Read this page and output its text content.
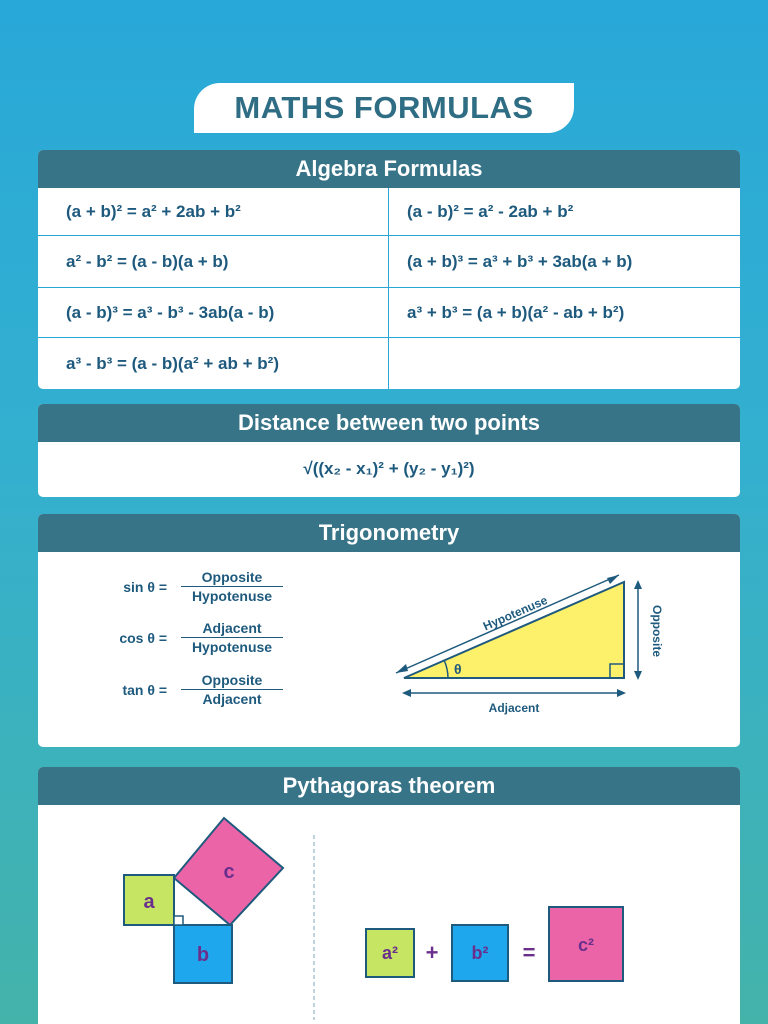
MATHS FORMULAS
Algebra Formulas
(a + b)² = a² + 2ab + b²	(a - b)² = a² - 2ab + b²
a² - b² = (a - b)(a + b)	(a + b)³ = a³ + b³ + 3ab(a + b)
(a - b)³ = a³ - b³ - 3ab(a - b)	a³ + b³ = (a + b)(a² - ab + b²)
a³ - b³ = (a - b)(a² + ab + b²)
Distance between two points
√((x₂ - x₁)² + (y₂ - y₁)²)
Trigonometry
$\sin \theta = \frac{\text{Opposite}}{\text{Hypotenuse}}$
$\cos \theta = \frac{\text{Adjacent}}{\text{Hypotenuse}}$
$\tan \theta = \frac{\text{Opposite}}{\text{Adjacent}}$
Hypotenuse	Opposite
Adjacent
θ
Pythagoras theorem
a
b
c
a² + b² = c²
